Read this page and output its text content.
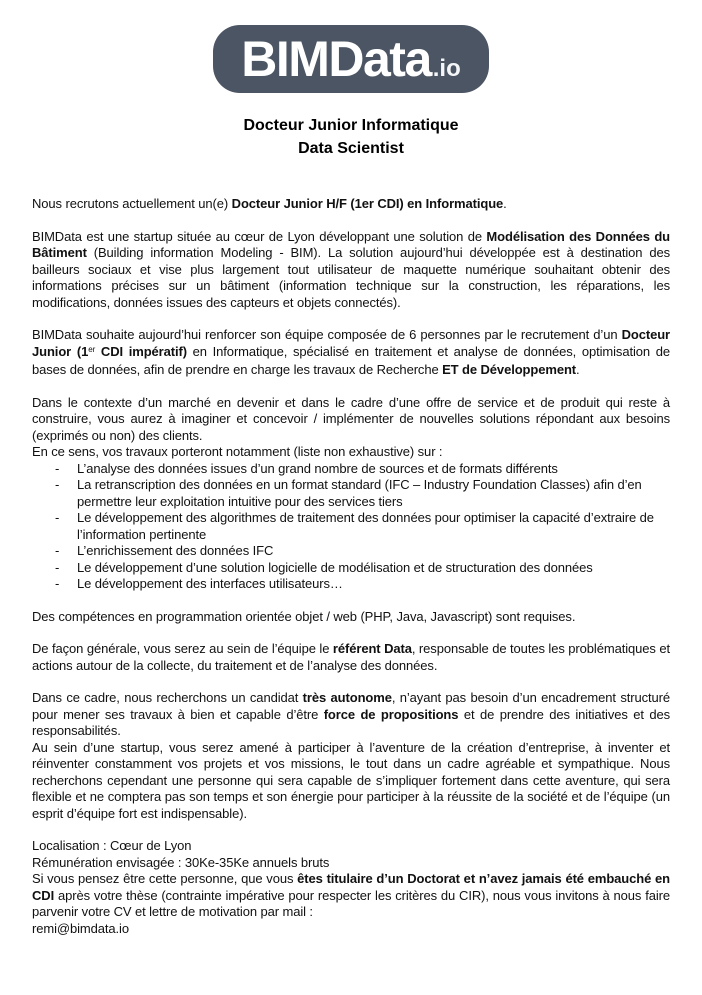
BIMData .io
Docteur Junior Informatique
Data Scientist

Nous recrutons actuellement un(e) Docteur Junior H/F (1er CDI) en Informatique.

BIMData est une startup située au cœur de Lyon développant une solution de Modélisation des Données du Bâtiment (Building information Modeling - BIM). La solution aujourd’hui développée est à destination des bailleurs sociaux et vise plus largement tout utilisateur de maquette numérique souhaitant obtenir des informations précises sur un bâtiment (information technique sur la construction, les réparations, les modifications, données issues des capteurs et objets connectés).

BIMData souhaite aujourd’hui renforcer son équipe composée de 6 personnes par le recrutement d’un Docteur Junior (1er CDI impératif) en Informatique, spécialisé en traitement et analyse de données, optimisation de bases de données, afin de prendre en charge les travaux de Recherche ET de Développement.

Dans le contexte d’un marché en devenir et dans le cadre d’une offre de service et de produit qui reste à construire, vous aurez à imaginer et concevoir / implémenter de nouvelles solutions répondant aux besoins (exprimés ou non) des clients.

En ce sens, vos travaux porteront notamment (liste non exhaustive) sur :

-	L’analyse des données issues d’un grand nombre de sources et de formats différents
-	La retranscription des données en un format standard (IFC – Industry Foundation Classes) afin d’en permettre leur exploitation intuitive pour des services tiers
-	Le développement des algorithmes de traitement des données pour optimiser la capacité d’extraire de l’information pertinente
-	L’enrichissement des données IFC
-	Le développement d’une solution logicielle de modélisation et de structuration des données
-	Le développement des interfaces utilisateurs…

Des compétences en programmation orientée objet / web (PHP, Java, Javascript) sont requises.

De façon générale, vous serez au sein de l’équipe le référent Data, responsable de toutes les problématiques et actions autour de la collecte, du traitement et de l’analyse des données.

Dans ce cadre, nous recherchons un candidat très autonome, n’ayant pas besoin d’un encadrement structuré pour mener ses travaux à bien et capable d’être force de propositions et de prendre des initiatives et des responsabilités.

Au sein d’une startup, vous serez amené à participer à l’aventure de la création d’entreprise, à inventer et réinventer constamment vos projets et vos missions, le tout dans un cadre agréable et sympathique. Nous recherchons cependant une personne qui sera capable de s’impliquer fortement dans cette aventure, qui sera flexible et ne comptera pas son temps et son énergie pour participer à la réussite de la société et de l’équipe (un esprit d’équipe fort est indispensable).

Localisation : Cœur de Lyon

Rémunération envisagée : 30Ke-35Ke annuels bruts

Si vous pensez être cette personne, que vous êtes titulaire d’un Doctorat et n’avez jamais été embauché en CDI après votre thèse (contrainte impérative pour respecter les critères du CIR), nous vous invitons à nous faire parvenir votre CV et lettre de motivation par mail :

remi@bimdata.io
